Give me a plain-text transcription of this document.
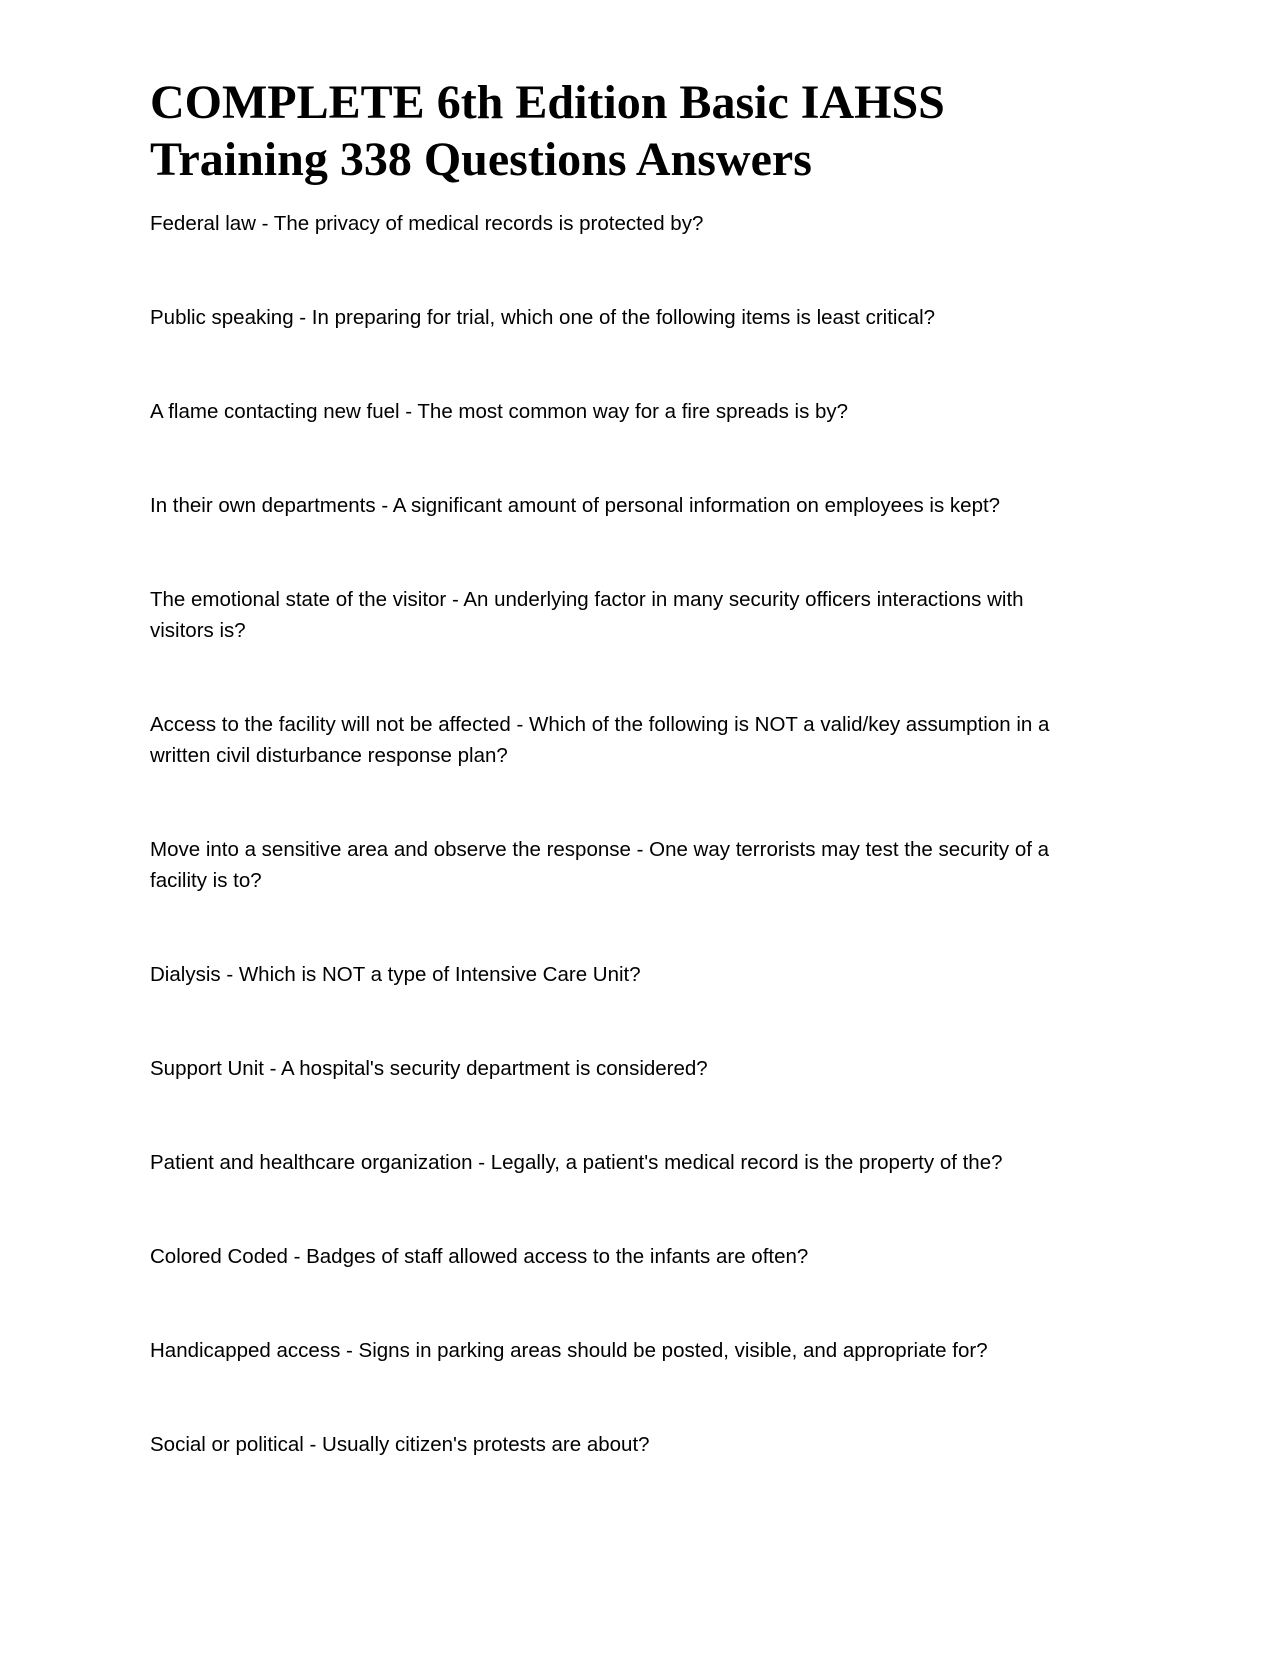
COMPLETE 6th Edition Basic IAHSS Training 338 Questions Answers

Federal law - The privacy of medical records is protected by?

Public speaking - In preparing for trial, which one of the following items is least critical?

A flame contacting new fuel - The most common way for a fire spreads is by?

In their own departments - A significant amount of personal information on employees is kept?

The emotional state of the visitor - An underlying factor in many security officers interactions with visitors is?

Access to the facility will not be affected - Which of the following is NOT a valid/key assumption in a written civil disturbance response plan?

Move into a sensitive area and observe the response - One way terrorists may test the security of a facility is to?

Dialysis - Which is NOT a type of Intensive Care Unit?

Support Unit - A hospital's security department is considered?

Patient and healthcare organization - Legally, a patient's medical record is the property of the?

Colored Coded - Badges of staff allowed access to the infants are often?

Handicapped access - Signs in parking areas should be posted, visible, and appropriate for?

Social or political - Usually citizen's protests are about?
